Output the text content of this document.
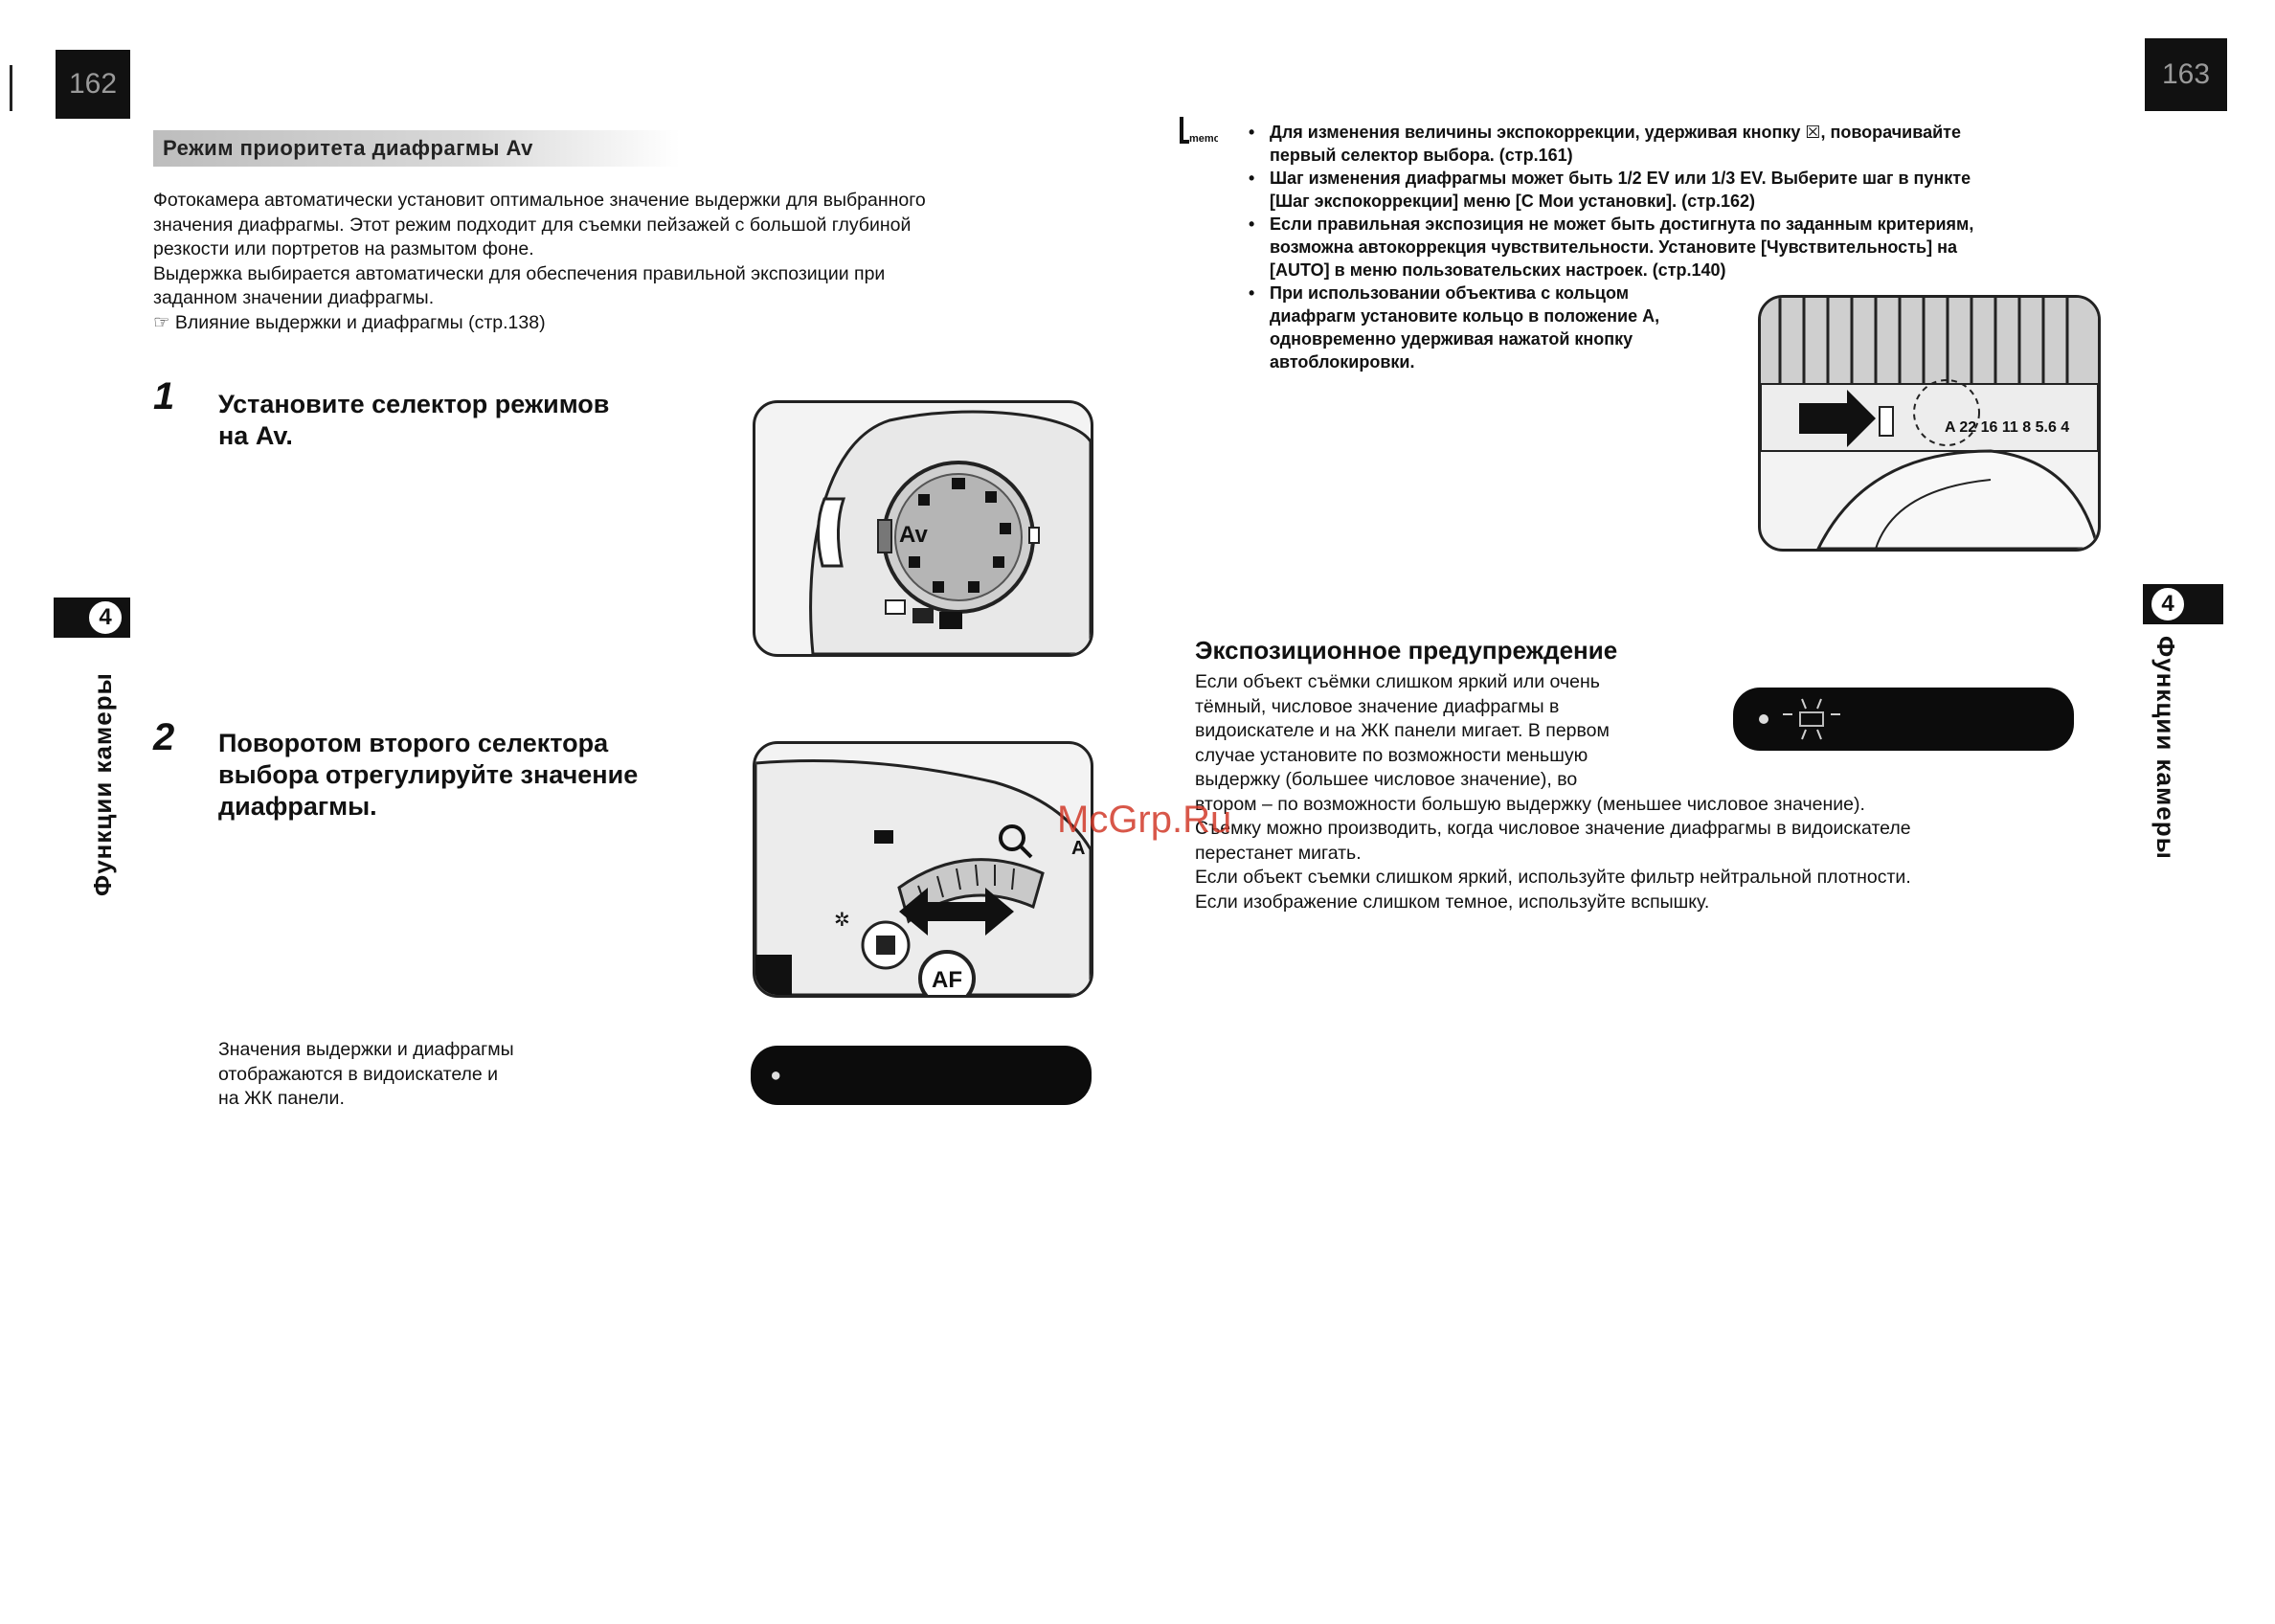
162
Режим приоритета диафрагмы Av

Фотокамера автоматически установит оптимальное значение выдержки для выбранного

значения диафрагмы. Этот режим подходит для съемки пейзажей с большой глубиной

резкости или портретов на размытом фоне.

Выдержка выбирается автоматически для обеспечения правильной экспозиции при

заданном значении диафрагмы.

☞ Влияние выдержки и диафрагмы (стр.138)

1 Установите селектор режимов

на Av.

Av
2 Поворотом второго селектора

выбора отрегулируйте значение

диафрагмы.

A
AF
✲

Значения выдержки и диафрагмы

отображаются в видоискателе и

на ЖК панели.

●
4
Функции камеры
163
memo

•	Для изменения величины экспокоррекции, удерживая кнопку ☒, поворачивайте

первый селектор выбора. (стр.161)

• Шаг изменения диафрагмы может быть 1/2 EV или 1/3 EV. Выберите шаг в пункте

[Шаг экспокоррекции] меню [C Мои установки]. (стр.162)

• Если правильная экспозиция не может быть достигнута по заданным критериям,

возможна автокоррекция чувствительности. Установите [Чувствительность] на

[AUTO] в меню пользовательских настроек. (стр.140)

• При использовании объектива с кольцом

диафрагм установите кольцо в положение A,

одновременно удерживая нажатой кнопку

автоблокировки.

A 22 16 11 8 5.6 4
Экспозиционное предупреждение

Если объект съёмки слишком яркий или очень

тёмный, числовое значение диафрагмы в

видоискателе и на ЖК панели мигает. В первом

случае установите по возможности меньшую

выдержку (большее числовое значение), во

втором – по возможности большую выдержку (меньшее числовое значение).

Съемку можно производить, когда числовое значение диафрагмы в видоискателе

перестанет мигать.

Если объект съемки слишком яркий, используйте фильтр нейтральной плотности.

Если изображение слишком темное, используйте вспышку.

4
Функции камеры
McGrp.Ru
